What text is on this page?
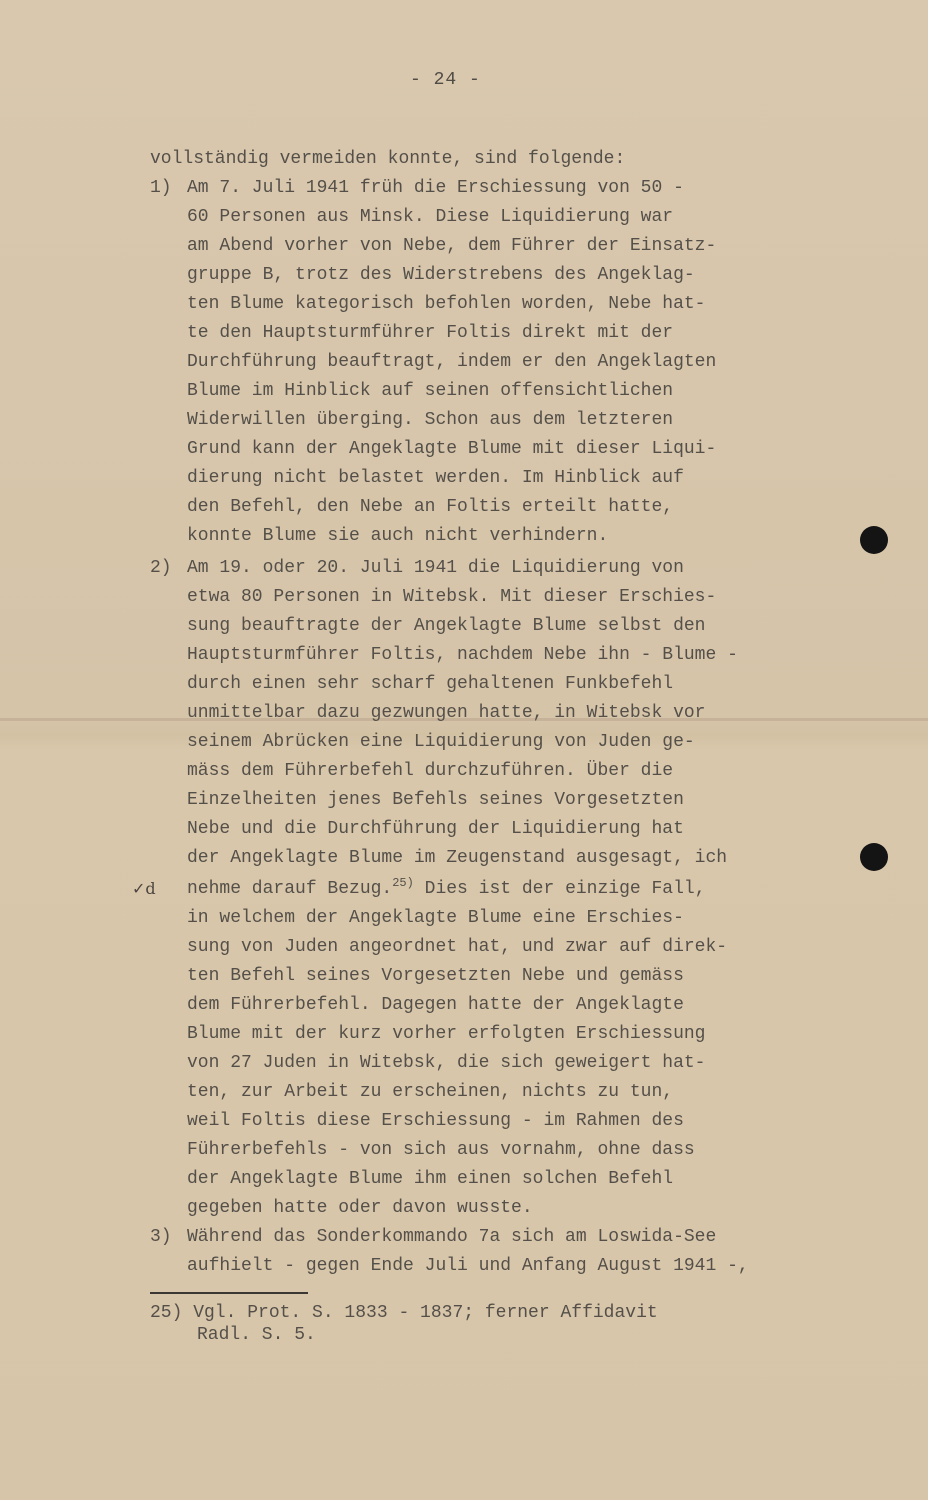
- 24 -
vollständig vermeiden konnte, sind folgende:
1) Am 7. Juli 1941 früh die Erschiessung von 50 -
60 Personen aus Minsk. Diese Liquidierung war
am Abend vorher von Nebe, dem Führer der Einsatz-
gruppe B, trotz des Widerstrebens des Angeklag-
ten Blume kategorisch befohlen worden, Nebe hat-
te den Hauptsturmführer Foltis direkt mit der
Durchführung beauftragt, indem er den Angeklagten
Blume im Hinblick auf seinen offensichtlichen
Widerwillen überging. Schon aus dem letzteren
Grund kann der Angeklagte Blume mit dieser Liqui-
dierung nicht belastet werden. Im Hinblick auf
den Befehl, den Nebe an Foltis erteilt hatte,
konnte Blume sie auch nicht verhindern.
2) Am 19. oder 20. Juli 1941 die Liquidierung von
etwa 80 Personen in Witebsk. Mit dieser Erschies-
sung beauftragte der Angeklagte Blume selbst den
Hauptsturmführer Foltis, nachdem Nebe ihn - Blume -
durch einen sehr scharf gehaltenen Funkbefehl
unmittelbar dazu gezwungen hatte, in Witebsk vor
seinem Abrücken eine Liquidierung von Juden ge-
mäss dem Führerbefehl durchzuführen. Über die
Einzelheiten jenes Befehls seines Vorgesetzten
Nebe und die Durchführung der Liquidierung hat
der Angeklagte Blume im Zeugenstand ausgesagt, ich
✓d nehme darauf Bezug.$^{25)}$ Dies ist der einzige Fall,
in welchem der Angeklagte Blume eine Erschies-
sung von Juden angeordnet hat, und zwar auf direk-
ten Befehl seines Vorgesetzten Nebe und gemäss
dem Führerbefehl. Dagegen hatte der Angeklagte
Blume mit der kurz vorher erfolgten Erschiessung
von 27 Juden in Witebsk, die sich geweigert hat-
ten, zur Arbeit zu erscheinen, nichts zu tun,
weil Foltis diese Erschiessung - im Rahmen des
Führerbefehls - von sich aus vornahm, ohne dass
der Angeklagte Blume ihm einen solchen Befehl
gegeben hatte oder davon wusste.
3) Während das Sonderkommando 7a sich am Loswida-See
aufhielt - gegen Ende Juli und Anfang August 1941 -,
25) Vgl. Prot. S. 1833 - 1837; ferner Affidavit
Radl. S. 5.
